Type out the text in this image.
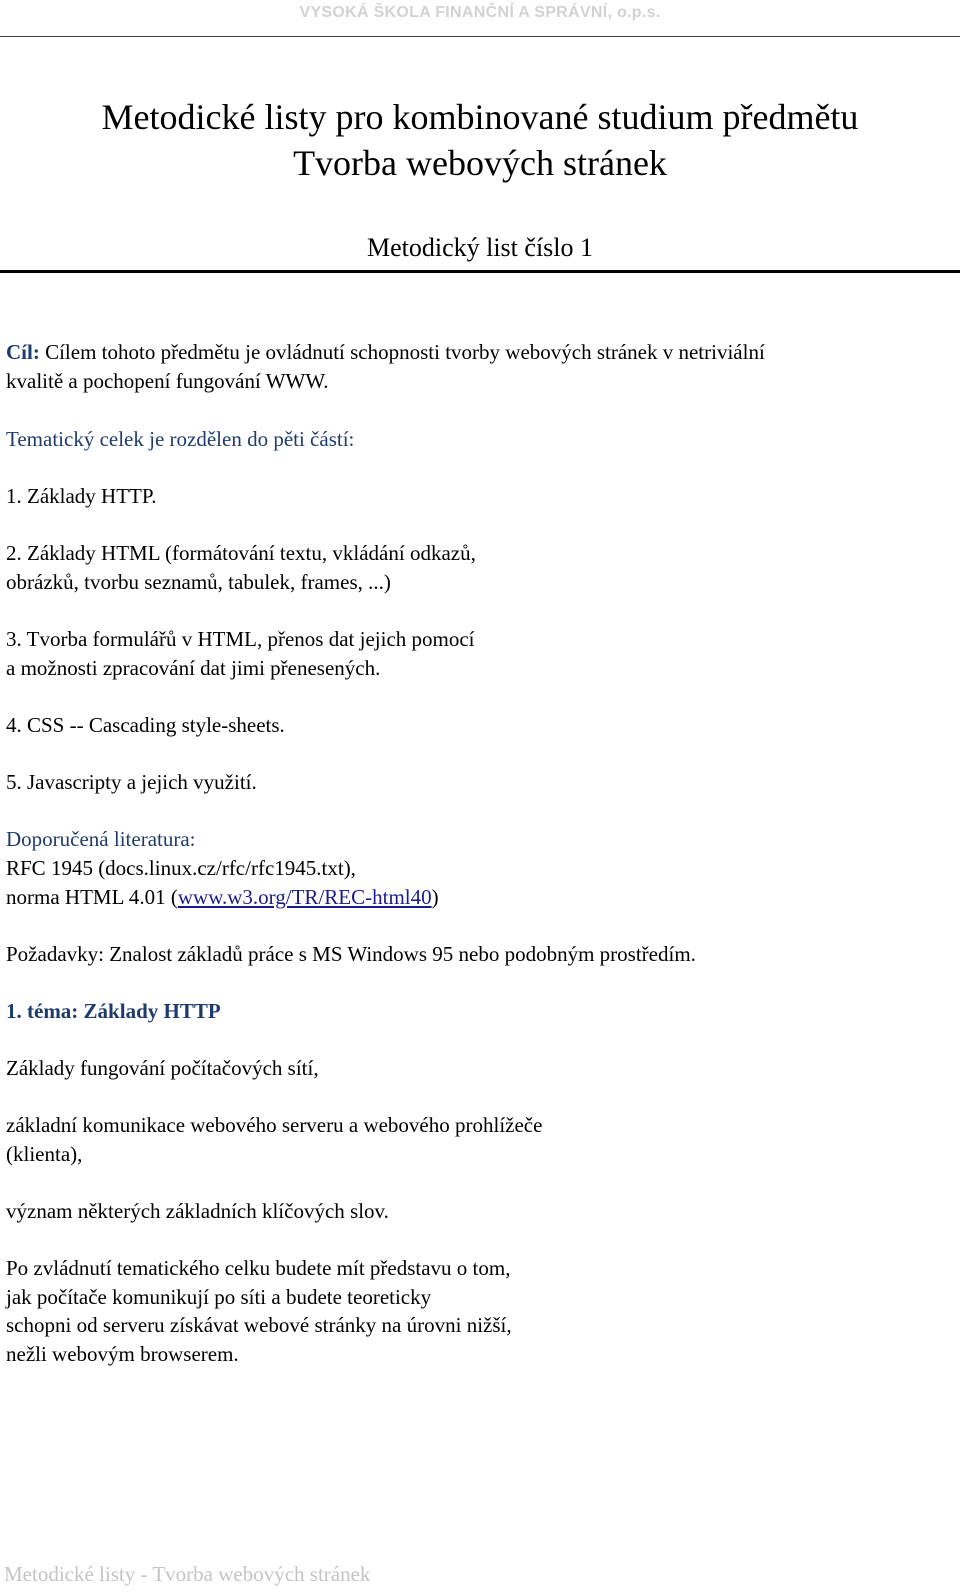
VYSOKÁ ŠKOLA FINANČNÍ A SPRÁVNÍ, o.p.s.
Metodické listy pro kombinované studium předmětu
Tvorba webových stránek
Metodický list číslo 1
Cíl: Cílem tohoto předmětu je ovládnutí schopnosti tvorby webových stránek v netriviální
kvalitě a pochopení fungování WWW.
Tematický celek je rozdělen do pěti částí:
1. Základy HTTP.
2. Základy HTML (formátování textu, vkládání odkazů,
obrázků, tvorbu seznamů, tabulek, frames, ...)
3. Tvorba formulářů v HTML, přenos dat jejich pomocí
a možnosti zpracování dat jimi přenesených.
4. CSS -- Cascading style-sheets.
5. Javascripty a jejich využití.
Doporučená literatura:
RFC 1945 (docs.linux.cz/rfc/rfc1945.txt),
norma HTML 4.01 (www.w3.org/TR/REC-html40)
Požadavky: Znalost základů práce s MS Windows 95 nebo podobným prostředím.
1. téma: Základy HTTP
Základy fungování počítačových sítí,
základní komunikace webového serveru a webového prohlížeče
(klienta),
význam některých základních klíčových slov.
Po zvládnutí tematického celku budete mít představu o tom,
jak počítače komunikují po síti a budete teoreticky
schopni od serveru získávat webové stránky na úrovni nižší,
nežli webovým browserem.
Metodické listy - Tvorba webových stránek
